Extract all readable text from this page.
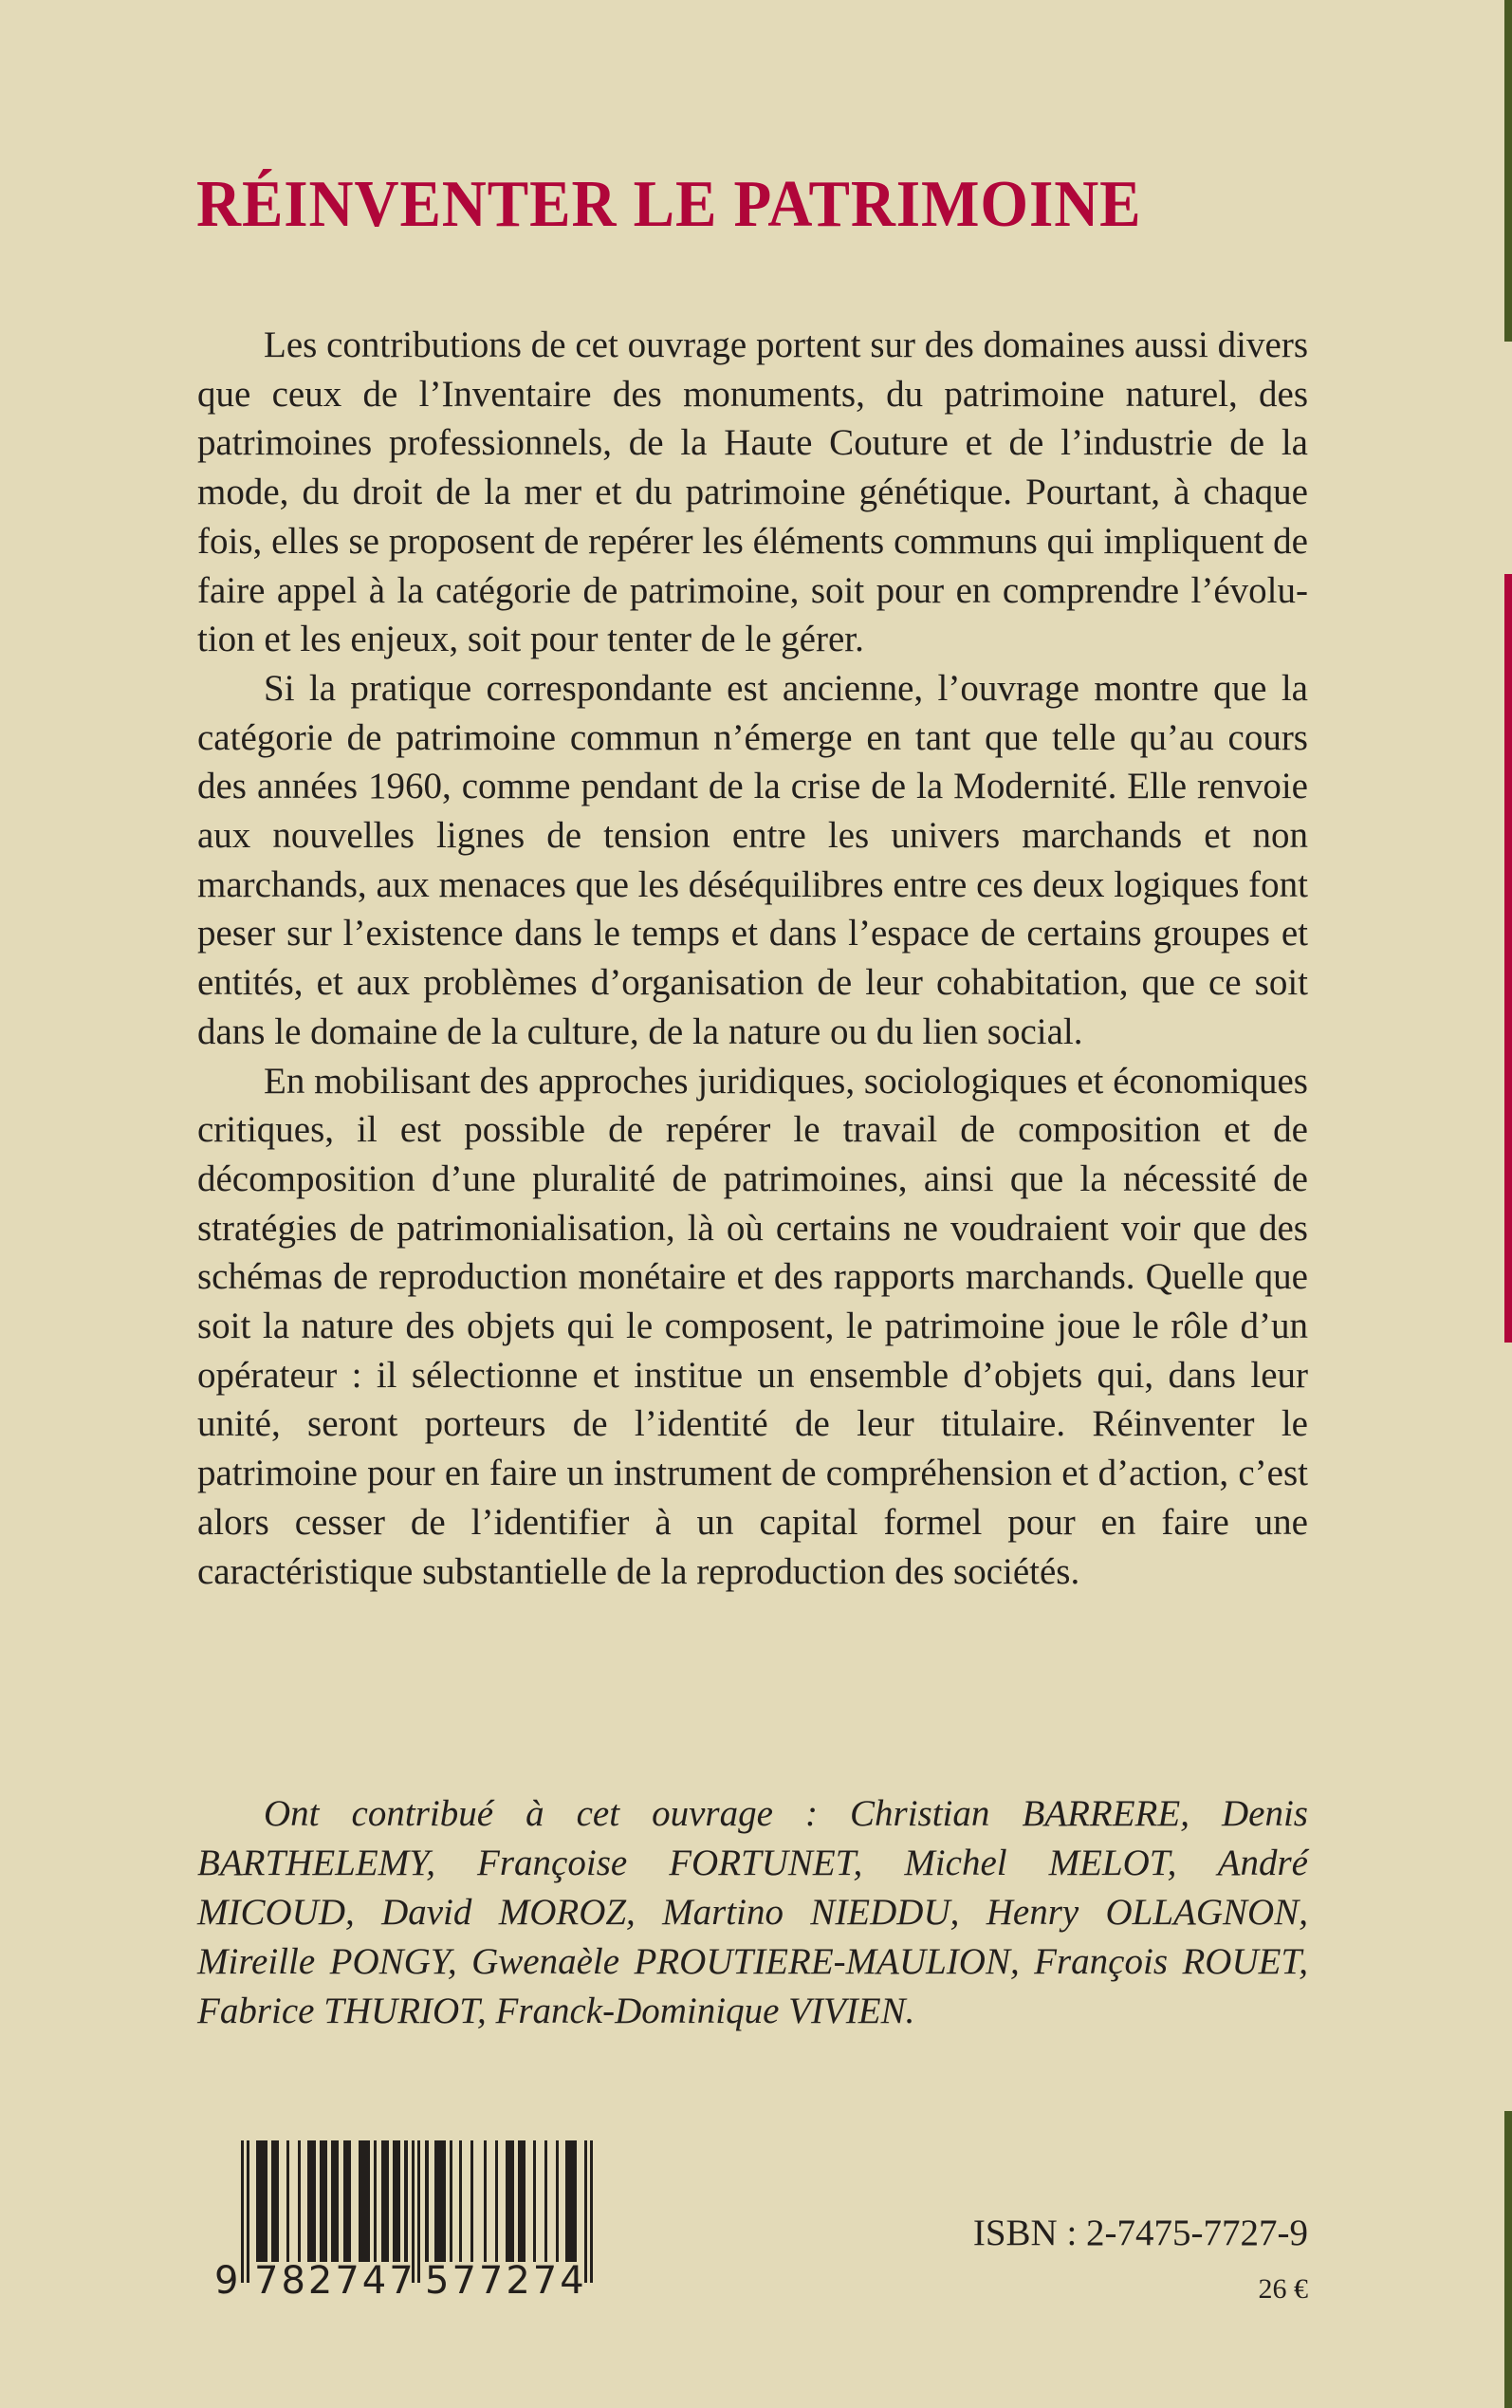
RÉINVENTER LE PATRIMOINE

Les contributions de cet ouvrage portent sur des domaines aussi divers que ceux de l’Inventaire des monuments, du patrimoine naturel, des patrimoines professionnels, de la Haute Couture et de l’industrie de la mode, du droit de la mer et du patrimoine génétique. Pourtant, à chaque fois, elles se proposent de repérer les éléments communs qui impliquent de faire appel à la catégorie de patrimoine, soit pour en comprendre l’évolution et les enjeux, soit pour tenter de le gérer.

Si la pratique correspondante est ancienne, l’ouvrage montre que la catégorie de patrimoine commun n’émerge en tant que telle qu’au cours des années 1960, comme pendant de la crise de la Modernité. Elle renvoie aux nouvelles lignes de tension entre les univers marchands et non marchands, aux menaces que les déséquilibres entre ces deux logiques font peser sur l’existence dans le temps et dans l’espace de certains groupes et entités, et aux problèmes d’organisation de leur cohabitation, que ce soit dans le domaine de la culture, de la nature ou du lien social.

En mobilisant des approches juridiques, sociologiques et économiques critiques, il est possible de repérer le travail de composition et de décomposition d’une pluralité de patrimoines, ainsi que la nécessité de stratégies de patrimonialisation, là où certains ne voudraient voir que des schémas de reproduction monétaire et des rapports marchands. Quelle que soit la nature des objets qui le composent, le patrimoine joue le rôle d’un opérateur : il sélectionne et institue un ensemble d’objets qui, dans leur unité, seront porteurs de l’identité de leur titulaire. Réinventer le patrimoine pour en faire un instrument de compréhension et d’action, c’est alors cesser de l’identifier à un capital formel pour en faire une caractéristique substantielle de la reproduction des sociétés.

Ont contribué à cet ouvrage : Christian BARRERE, Denis BARTHELEMY, Françoise FORTUNET, Michel MELOT, André MICOUD, David MOROZ, Martino NIEDDU, Henry OLLAGNON, Mireille PONGY, Gwenaèle PROUTIERE-MAULION, François ROUET, Fabrice THURIOT, Franck-Dominique VIVIEN.

9 782747 577274
ISBN : 2-7475-7727-9
26 €
